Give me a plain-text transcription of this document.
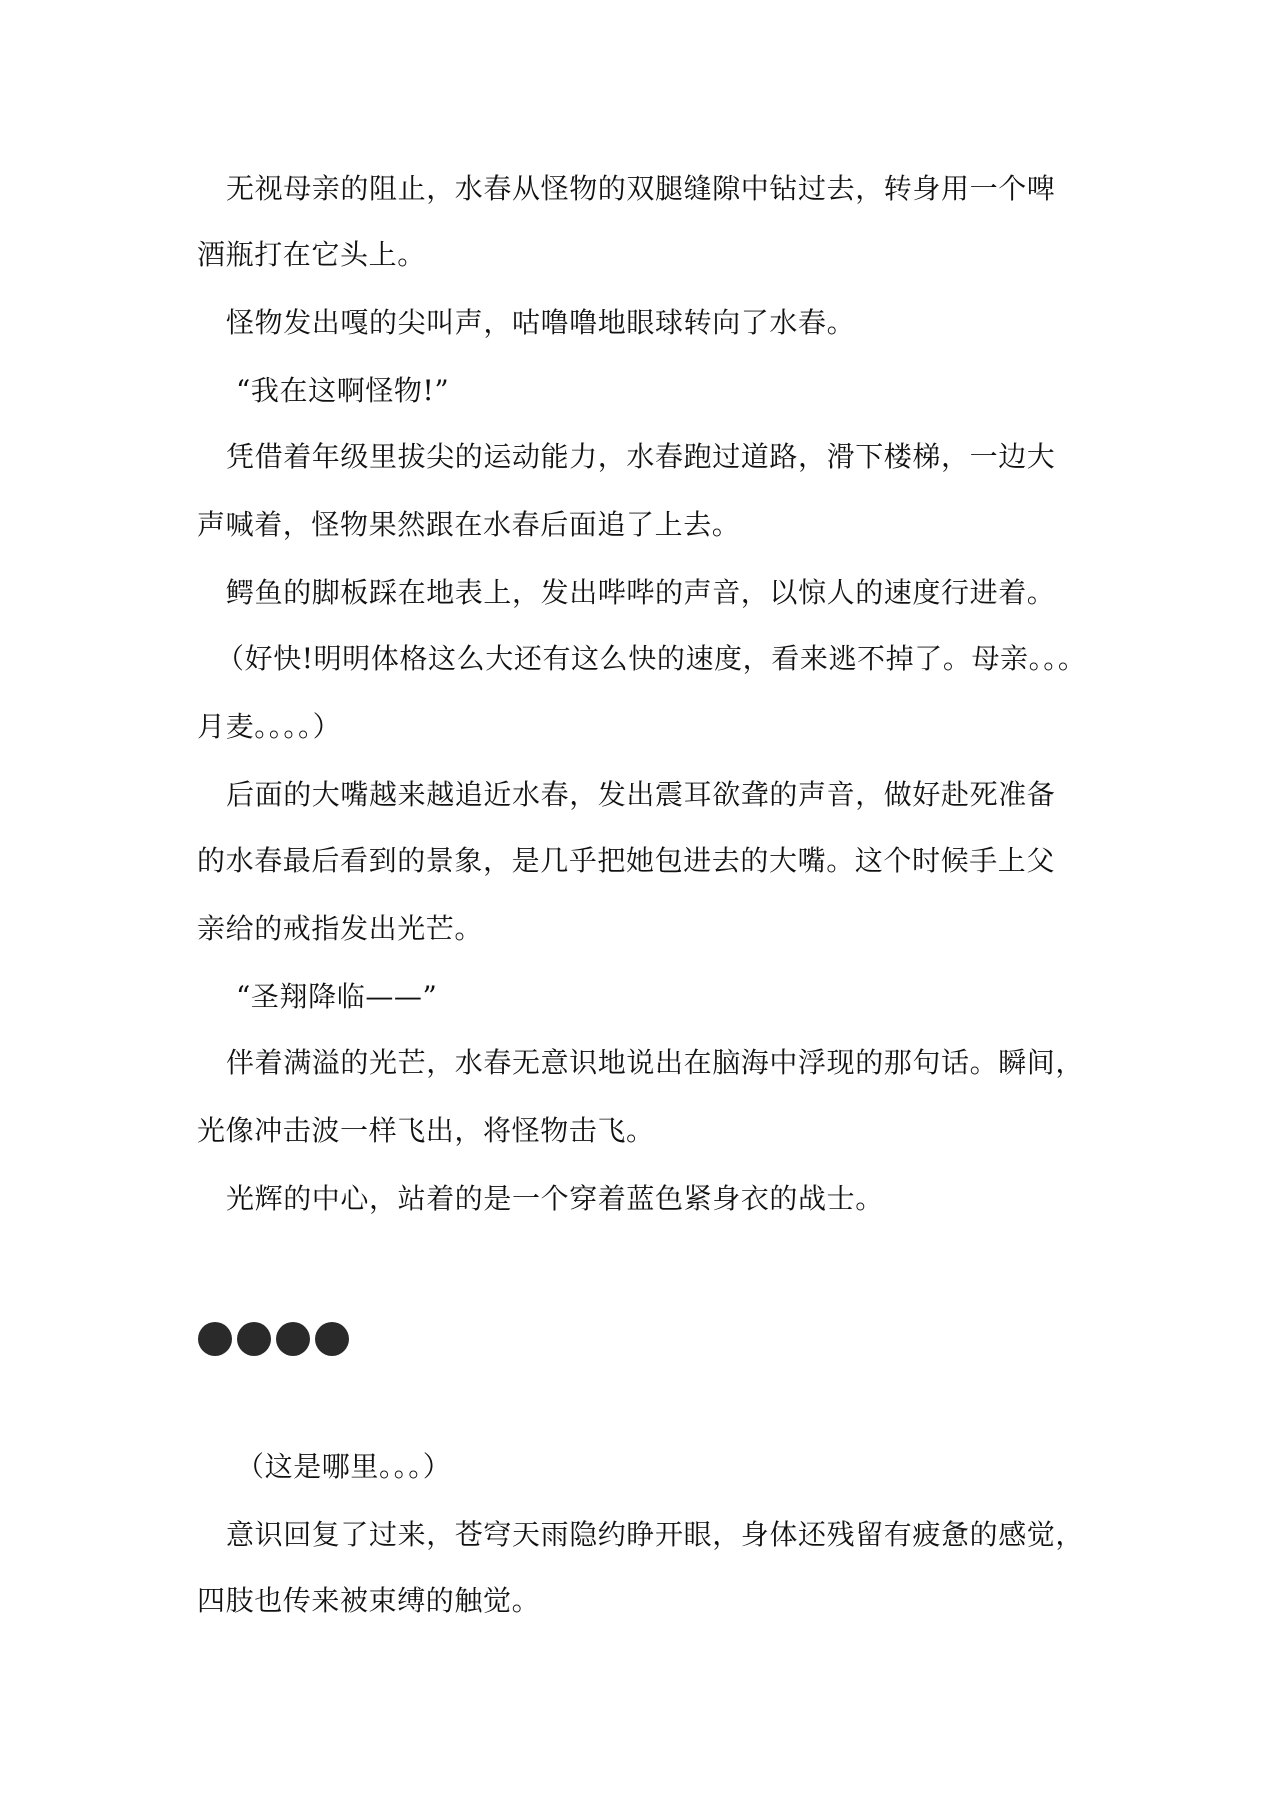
无视母亲的阻止，水春从怪物的双腿缝隙中钻过去，转身用一个啤
酒瓶打在它头上。
怪物发出嘎的尖叫声，咕噜噜地眼球转向了水春。
“我在这啊怪物!”
凭借着年级里拔尖的运动能力，水春跑过道路，滑下楼梯，一边大
声喊着，怪物果然跟在水春后面追了上去。
鳄鱼的脚板踩在地表上，发出哔哔的声音，以惊人的速度行进着。
（好快!明明体格这么大还有这么快的速度，看来逃不掉了。母亲。。。
月麦。。。。）
后面的大嘴越来越追近水春，发出震耳欲聋的声音，做好赴死准备
的水春最后看到的景象，是几乎把她包进去的大嘴。这个时候手上父
亲给的戒指发出光芒。
“圣翔降临——”
伴着满溢的光芒，水春无意识地说出在脑海中浮现的那句话。瞬间，
光像冲击波一样飞出，将怪物击飞。
光辉的中心，站着的是一个穿着蓝色紧身衣的战士。
（这是哪里。。。）
意识回复了过来，苍穹天雨隐约睁开眼，身体还残留有疲惫的感觉，
四肢也传来被束缚的触觉。
